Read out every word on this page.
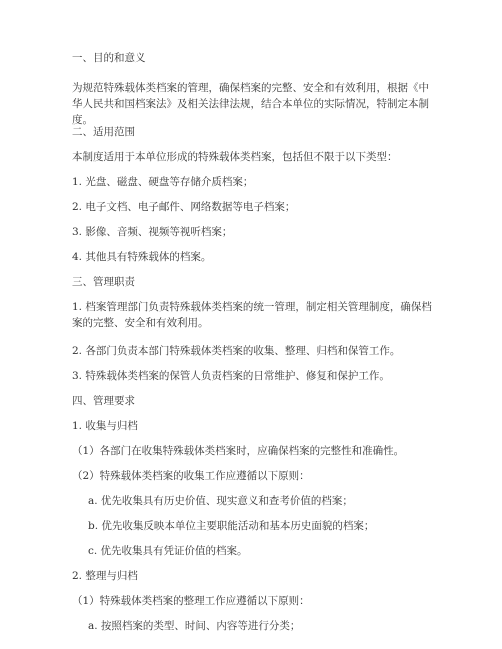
一、目的和意义
为规范特殊载体类档案的管理，确保档案的完整、安全和有效利用，根据《中华人民共和国档案法》及相关法律法规，结合本单位的实际情况，特制定本制度。
二、适用范围
本制度适用于本单位形成的特殊载体类档案，包括但不限于以下类型：
1. 光盘、磁盘、硬盘等存储介质档案；
2. 电子文档、电子邮件、网络数据等电子档案；
3. 影像、音频、视频等视听档案；
4. 其他具有特殊载体的档案。
三、管理职责
1. 档案管理部门负责特殊载体类档案的统一管理，制定相关管理制度，确保档案的完整、安全和有效利用。
2. 各部门负责本部门特殊载体类档案的收集、整理、归档和保管工作。
3. 特殊载体类档案的保管人负责档案的日常维护、修复和保护工作。
四、管理要求
1. 收集与归档
（1）各部门在收集特殊载体类档案时，应确保档案的完整性和准确性。
（2）特殊载体类档案的收集工作应遵循以下原则：
a. 优先收集具有历史价值、现实意义和查考价值的档案；
b. 优先收集反映本单位主要职能活动和基本历史面貌的档案；
c. 优先收集具有凭证价值的档案。
2. 整理与归档
（1）特殊载体类档案的整理工作应遵循以下原则：
a. 按照档案的类型、时间、内容等进行分类；
